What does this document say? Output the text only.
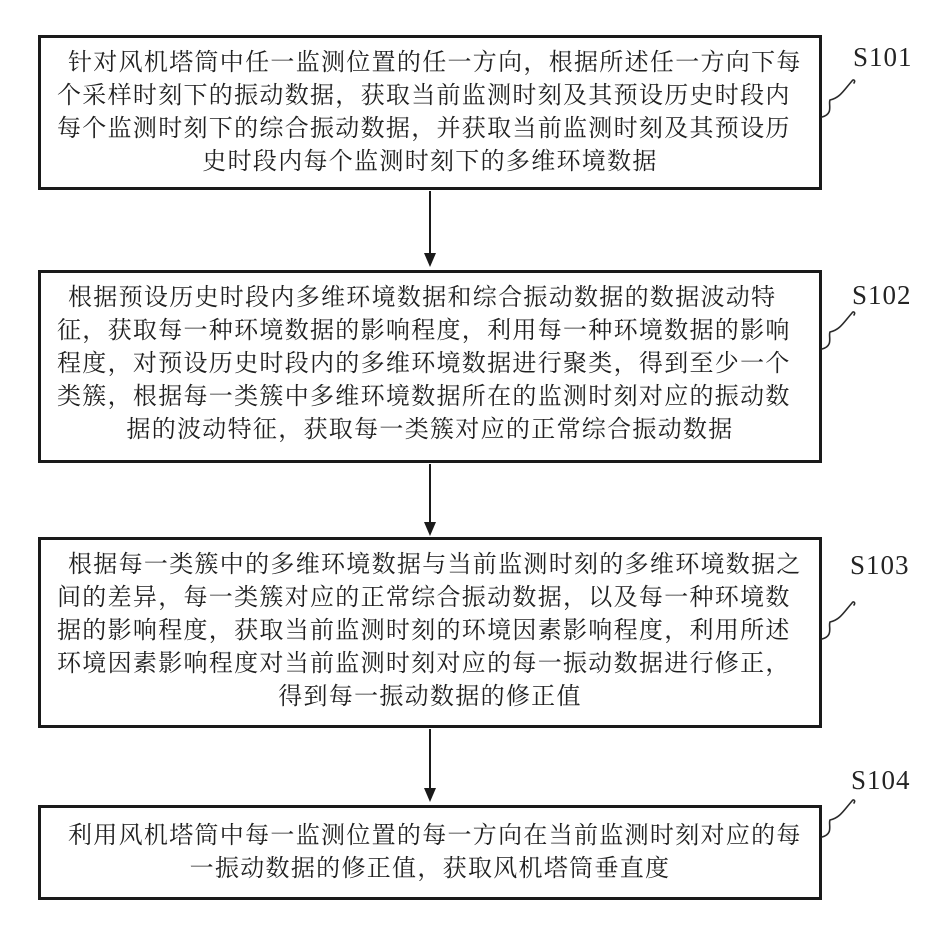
针对风机塔筒中任一监测位置的任一方向，根据所述任一方向下每
个采样时刻下的振动数据，获取当前监测时刻及其预设历史时段内
每个监测时刻下的综合振动数据，并获取当前监测时刻及其预设历
史时段内每个监测时刻下的多维环境数据
S101
根据预设历史时段内多维环境数据和综合振动数据的数据波动特
征，获取每一种环境数据的影响程度，利用每一种环境数据的影响
程度，对预设历史时段内的多维环境数据进行聚类，得到至少一个
类簇，根据每一类簇中多维环境数据所在的监测时刻对应的振动数
据的波动特征，获取每一类簇对应的正常综合振动数据
S102
根据每一类簇中的多维环境数据与当前监测时刻的多维环境数据之
间的差异，每一类簇对应的正常综合振动数据，以及每一种环境数
据的影响程度，获取当前监测时刻的环境因素影响程度，利用所述
环境因素影响程度对当前监测时刻对应的每一振动数据进行修正，
得到每一振动数据的修正值
S103
利用风机塔筒中每一监测位置的每一方向在当前监测时刻对应的每
一振动数据的修正值，获取风机塔筒垂直度
S104
